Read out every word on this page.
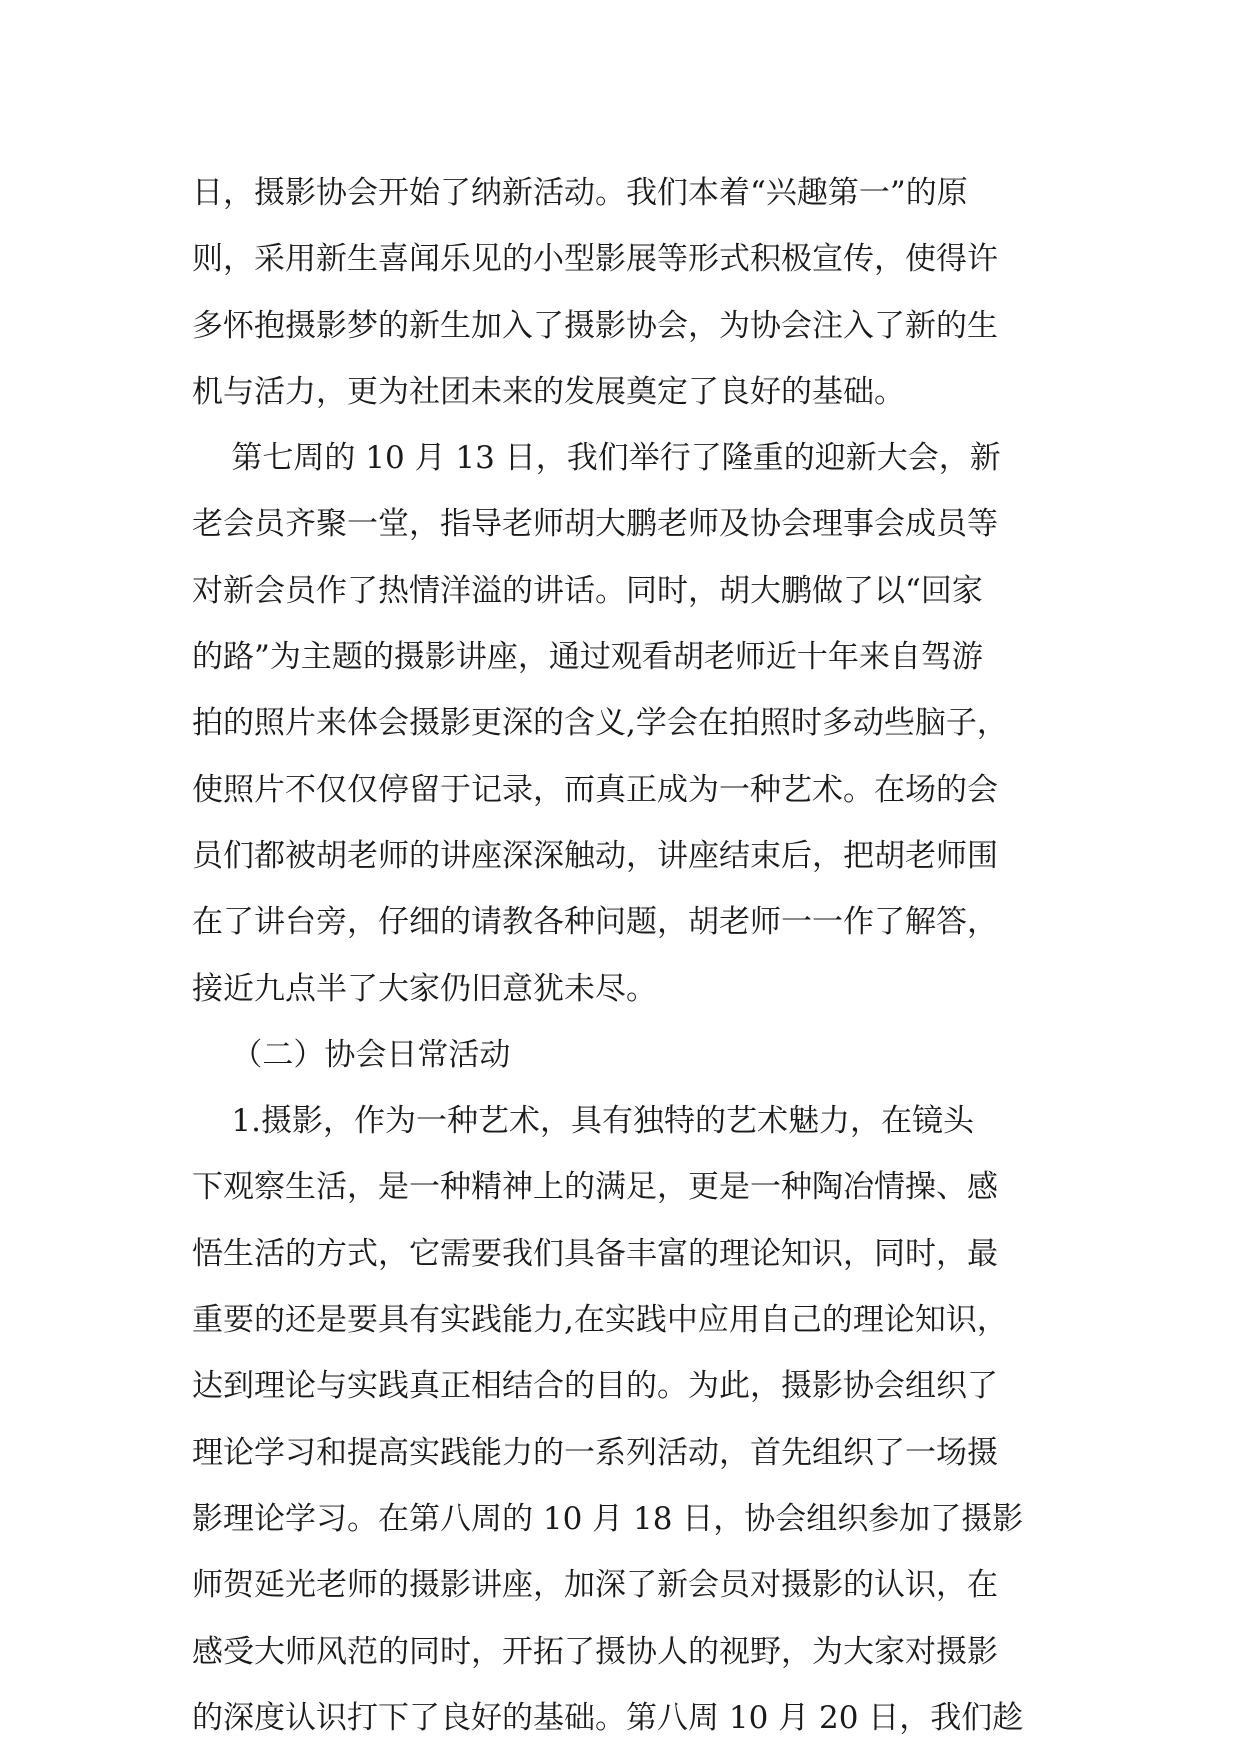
日，摄影协会开始了纳新活动。我们本着“兴趣第一”的原
则，采用新生喜闻乐见的小型影展等形式积极宣传，使得许
多怀抱摄影梦的新生加入了摄影协会，为协会注入了新的生
机与活力，更为社团未来的发展奠定了良好的基础。
第七周的 10 月 13 日，我们举行了隆重的迎新大会，新
老会员齐聚一堂，指导老师胡大鹏老师及协会理事会成员等
对新会员作了热情洋溢的讲话。同时，胡大鹏做了以“回家
的路”为主题的摄影讲座，通过观看胡老师近十年来自驾游
拍的照片来体会摄影更深的含义,学会在拍照时多动些脑子，
使照片不仅仅停留于记录，而真正成为一种艺术。在场的会
员们都被胡老师的讲座深深触动，讲座结束后，把胡老师围
在了讲台旁，仔细的请教各种问题，胡老师一一作了解答，
接近九点半了大家仍旧意犹未尽。
（二）协会日常活动
1.摄影，作为一种艺术，具有独特的艺术魅力，在镜头
下观察生活，是一种精神上的满足，更是一种陶冶情操、感
悟生活的方式，它需要我们具备丰富的理论知识，同时，最
重要的还是要具有实践能力,在实践中应用自己的理论知识，
达到理论与实践真正相结合的目的。为此，摄影协会组织了
理论学习和提高实践能力的一系列活动，首先组织了一场摄
影理论学习。在第八周的 10 月 18 日，协会组织参加了摄影
师贺延光老师的摄影讲座，加深了新会员对摄影的认识，在
感受大师风范的同时，开拓了摄协人的视野，为大家对摄影
的深度认识打下了良好的基础。第八周 10 月 20 日，我们趁
